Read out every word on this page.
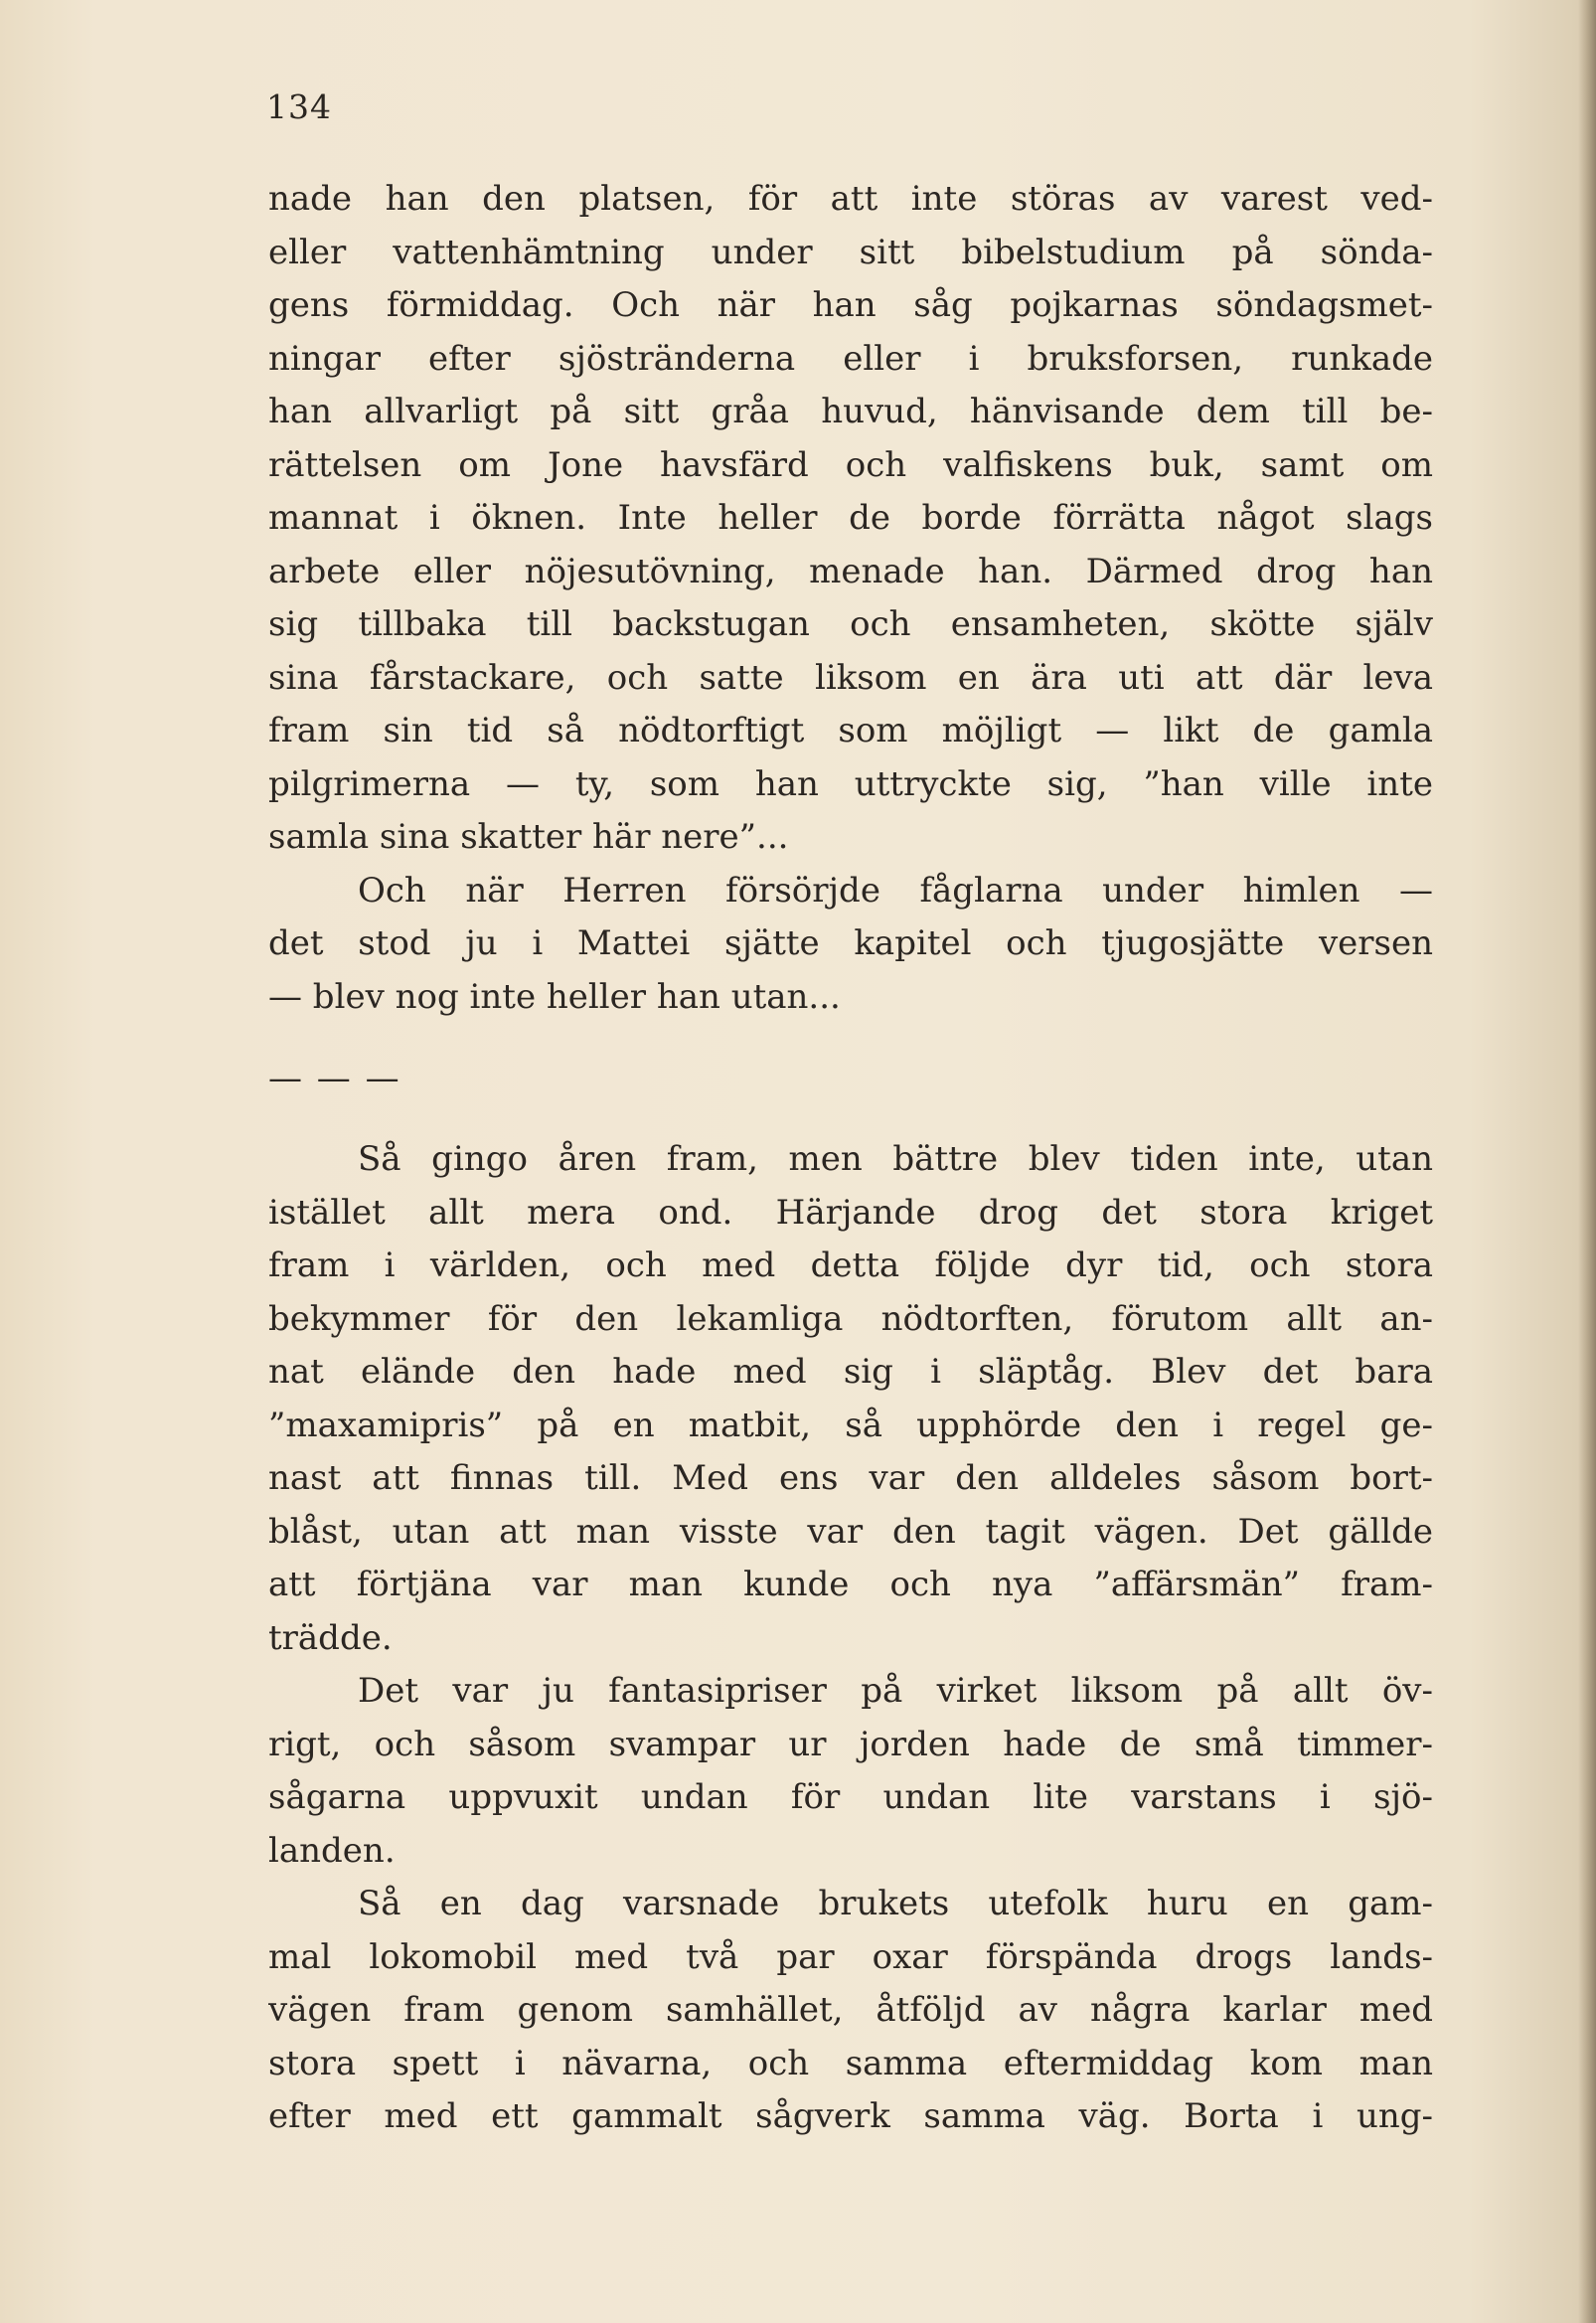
134
nade han den platsen, för att inte störas av varest ved-
eller vattenhämtning under sitt bibelstudium på sönda-
gens förmiddag. Och när han såg pojkarnas söndagsmet-
ningar efter sjöstränderna eller i bruksforsen, runkade
han allvarligt på sitt gråa huvud, hänvisande dem till be-
rättelsen om Jone havsfärd och valfiskens buk, samt om
mannat i öknen. Inte heller de borde förrätta något slags
arbete eller nöjesutövning, menade han. Därmed drog han
sig tillbaka till backstugan och ensamheten, skötte själv
sina fårstackare, och satte liksom en ära uti att där leva
fram sin tid så nödtorftigt som möjligt — likt de gamla
pilgrimerna — ty, som han uttryckte sig, ”han ville inte
samla sina skatter här nere”...
Och när Herren försörjde fåglarna under himlen —
det stod ju i Mattei sjätte kapitel och tjugosjätte versen
— blev nog inte heller han utan...
— — —
Så gingo åren fram, men bättre blev tiden inte, utan
istället allt mera ond. Härjande drog det stora kriget
fram i världen, och med detta följde dyr tid, och stora
bekymmer för den lekamliga nödtorften, förutom allt an-
nat elände den hade med sig i släptåg. Blev det bara
”maxamipris” på en matbit, så upphörde den i regel ge-
nast att finnas till. Med ens var den alldeles såsom bort-
blåst, utan att man visste var den tagit vägen. Det gällde
att förtjäna var man kunde och nya ”affärsmän” fram-
trädde.
Det var ju fantasipriser på virket liksom på allt öv-
rigt, och såsom svampar ur jorden hade de små timmer-
sågarna uppvuxit undan för undan lite varstans i sjö-
landen.
Så en dag varsnade brukets utefolk huru en gam-
mal lokomobil med två par oxar förspända drogs lands-
vägen fram genom samhället, åtföljd av några karlar med
stora spett i nävarna, och samma eftermiddag kom man
efter med ett gammalt sågverk samma väg. Borta i ung-
